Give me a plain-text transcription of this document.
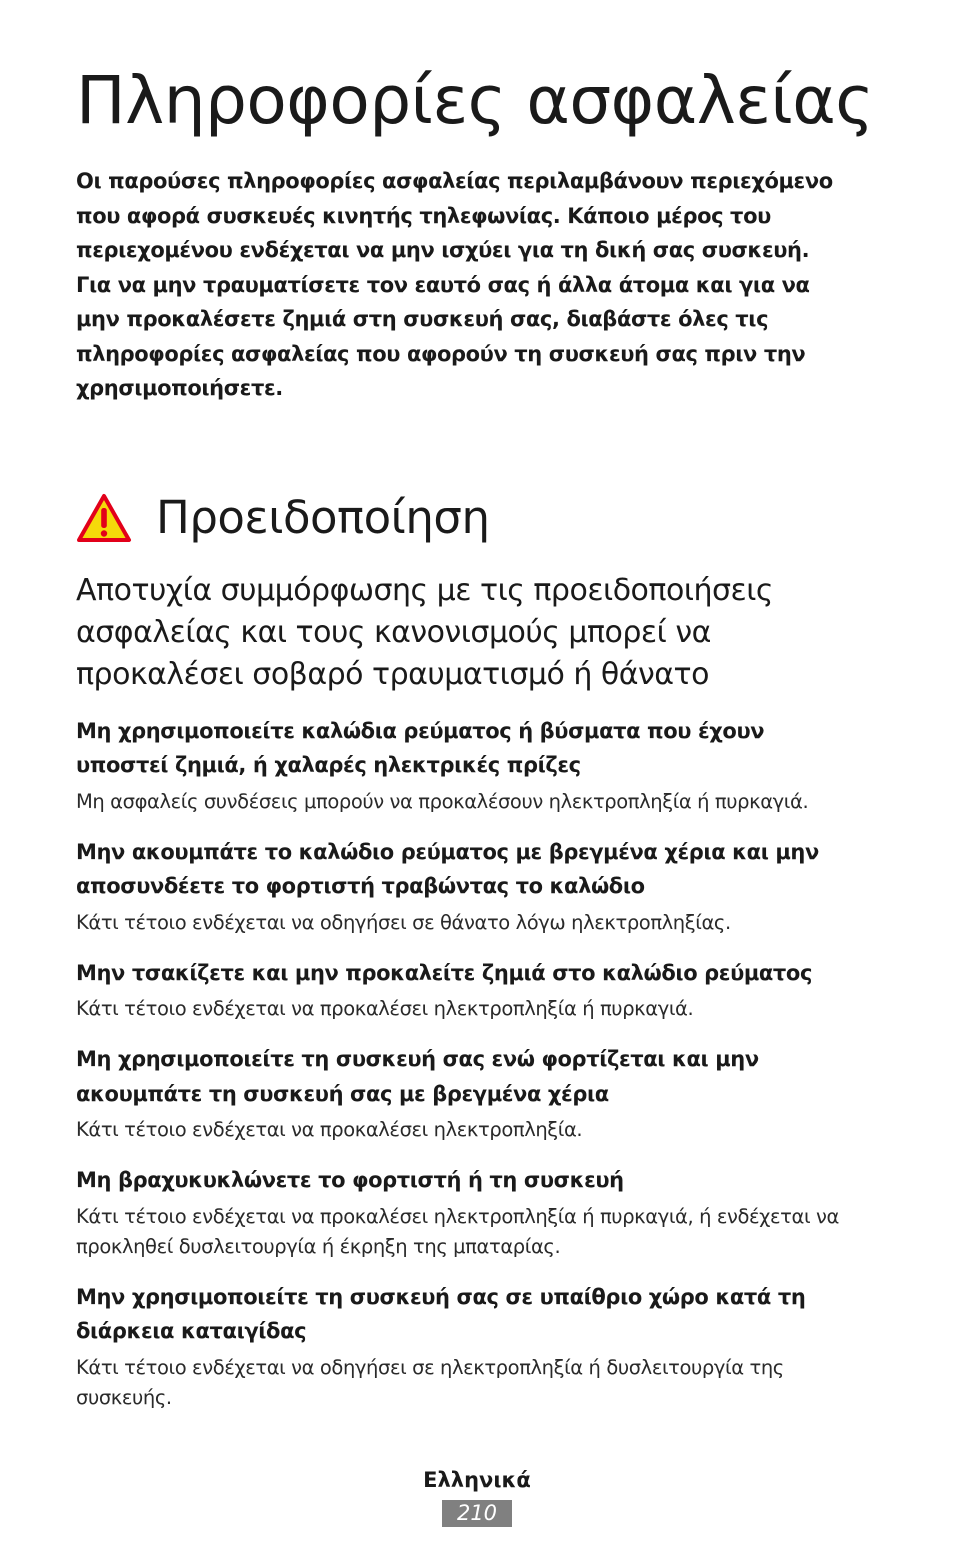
Πληροφορίες ασφαλείας

Οι παρούσες πληροφορίες ασφαλείας περιλαμβάνουν περιεχόμενο
που αφορά συσκευές κινητής τηλεφωνίας. Κάποιο μέρος του
περιεχομένου ενδέχεται να μην ισχύει για τη δική σας συσκευή.
Για να μην τραυματίσετε τον εαυτό σας ή άλλα άτομα και για να
μην προκαλέσετε ζημιά στη συσκευή σας, διαβάστε όλες τις
πληροφορίες ασφαλείας που αφορούν τη συσκευή σας πριν την
χρησιμοποιήσετε.

Προειδοποίηση

Αποτυχία συμμόρφωσης με τις προειδοποιήσεις
ασφαλείας και τους κανονισμούς μπορεί να
προκαλέσει σοβαρό τραυματισμό ή θάνατο

Μη χρησιμοποιείτε καλώδια ρεύματος ή βύσματα που έχουν
υποστεί ζημιά, ή χαλαρές ηλεκτρικές πρίζες

Μη ασφαλείς συνδέσεις μπορούν να προκαλέσουν ηλεκτροπληξία ή πυρκαγιά.

Μην ακουμπάτε το καλώδιο ρεύματος με βρεγμένα χέρια και μην
αποσυνδέετε το φορτιστή τραβώντας το καλώδιο

Κάτι τέτοιο ενδέχεται να οδηγήσει σε θάνατο λόγω ηλεκτροπληξίας.

Μην τσακίζετε και μην προκαλείτε ζημιά στο καλώδιο ρεύματος

Κάτι τέτοιο ενδέχεται να προκαλέσει ηλεκτροπληξία ή πυρκαγιά.

Μη χρησιμοποιείτε τη συσκευή σας ενώ φορτίζεται και μην
ακουμπάτε τη συσκευή σας με βρεγμένα χέρια

Κάτι τέτοιο ενδέχεται να προκαλέσει ηλεκτροπληξία.

Μη βραχυκυκλώνετε το φορτιστή ή τη συσκευή

Κάτι τέτοιο ενδέχεται να προκαλέσει ηλεκτροπληξία ή πυρκαγιά, ή ενδέχεται να
προκληθεί δυσλειτουργία ή έκρηξη της μπαταρίας.

Μην χρησιμοποιείτε τη συσκευή σας σε υπαίθριο χώρο κατά τη
διάρκεια καταιγίδας

Κάτι τέτοιο ενδέχεται να οδηγήσει σε ηλεκτροπληξία ή δυσλειτουργία της
συσκευής.

Ελληνικά
210
